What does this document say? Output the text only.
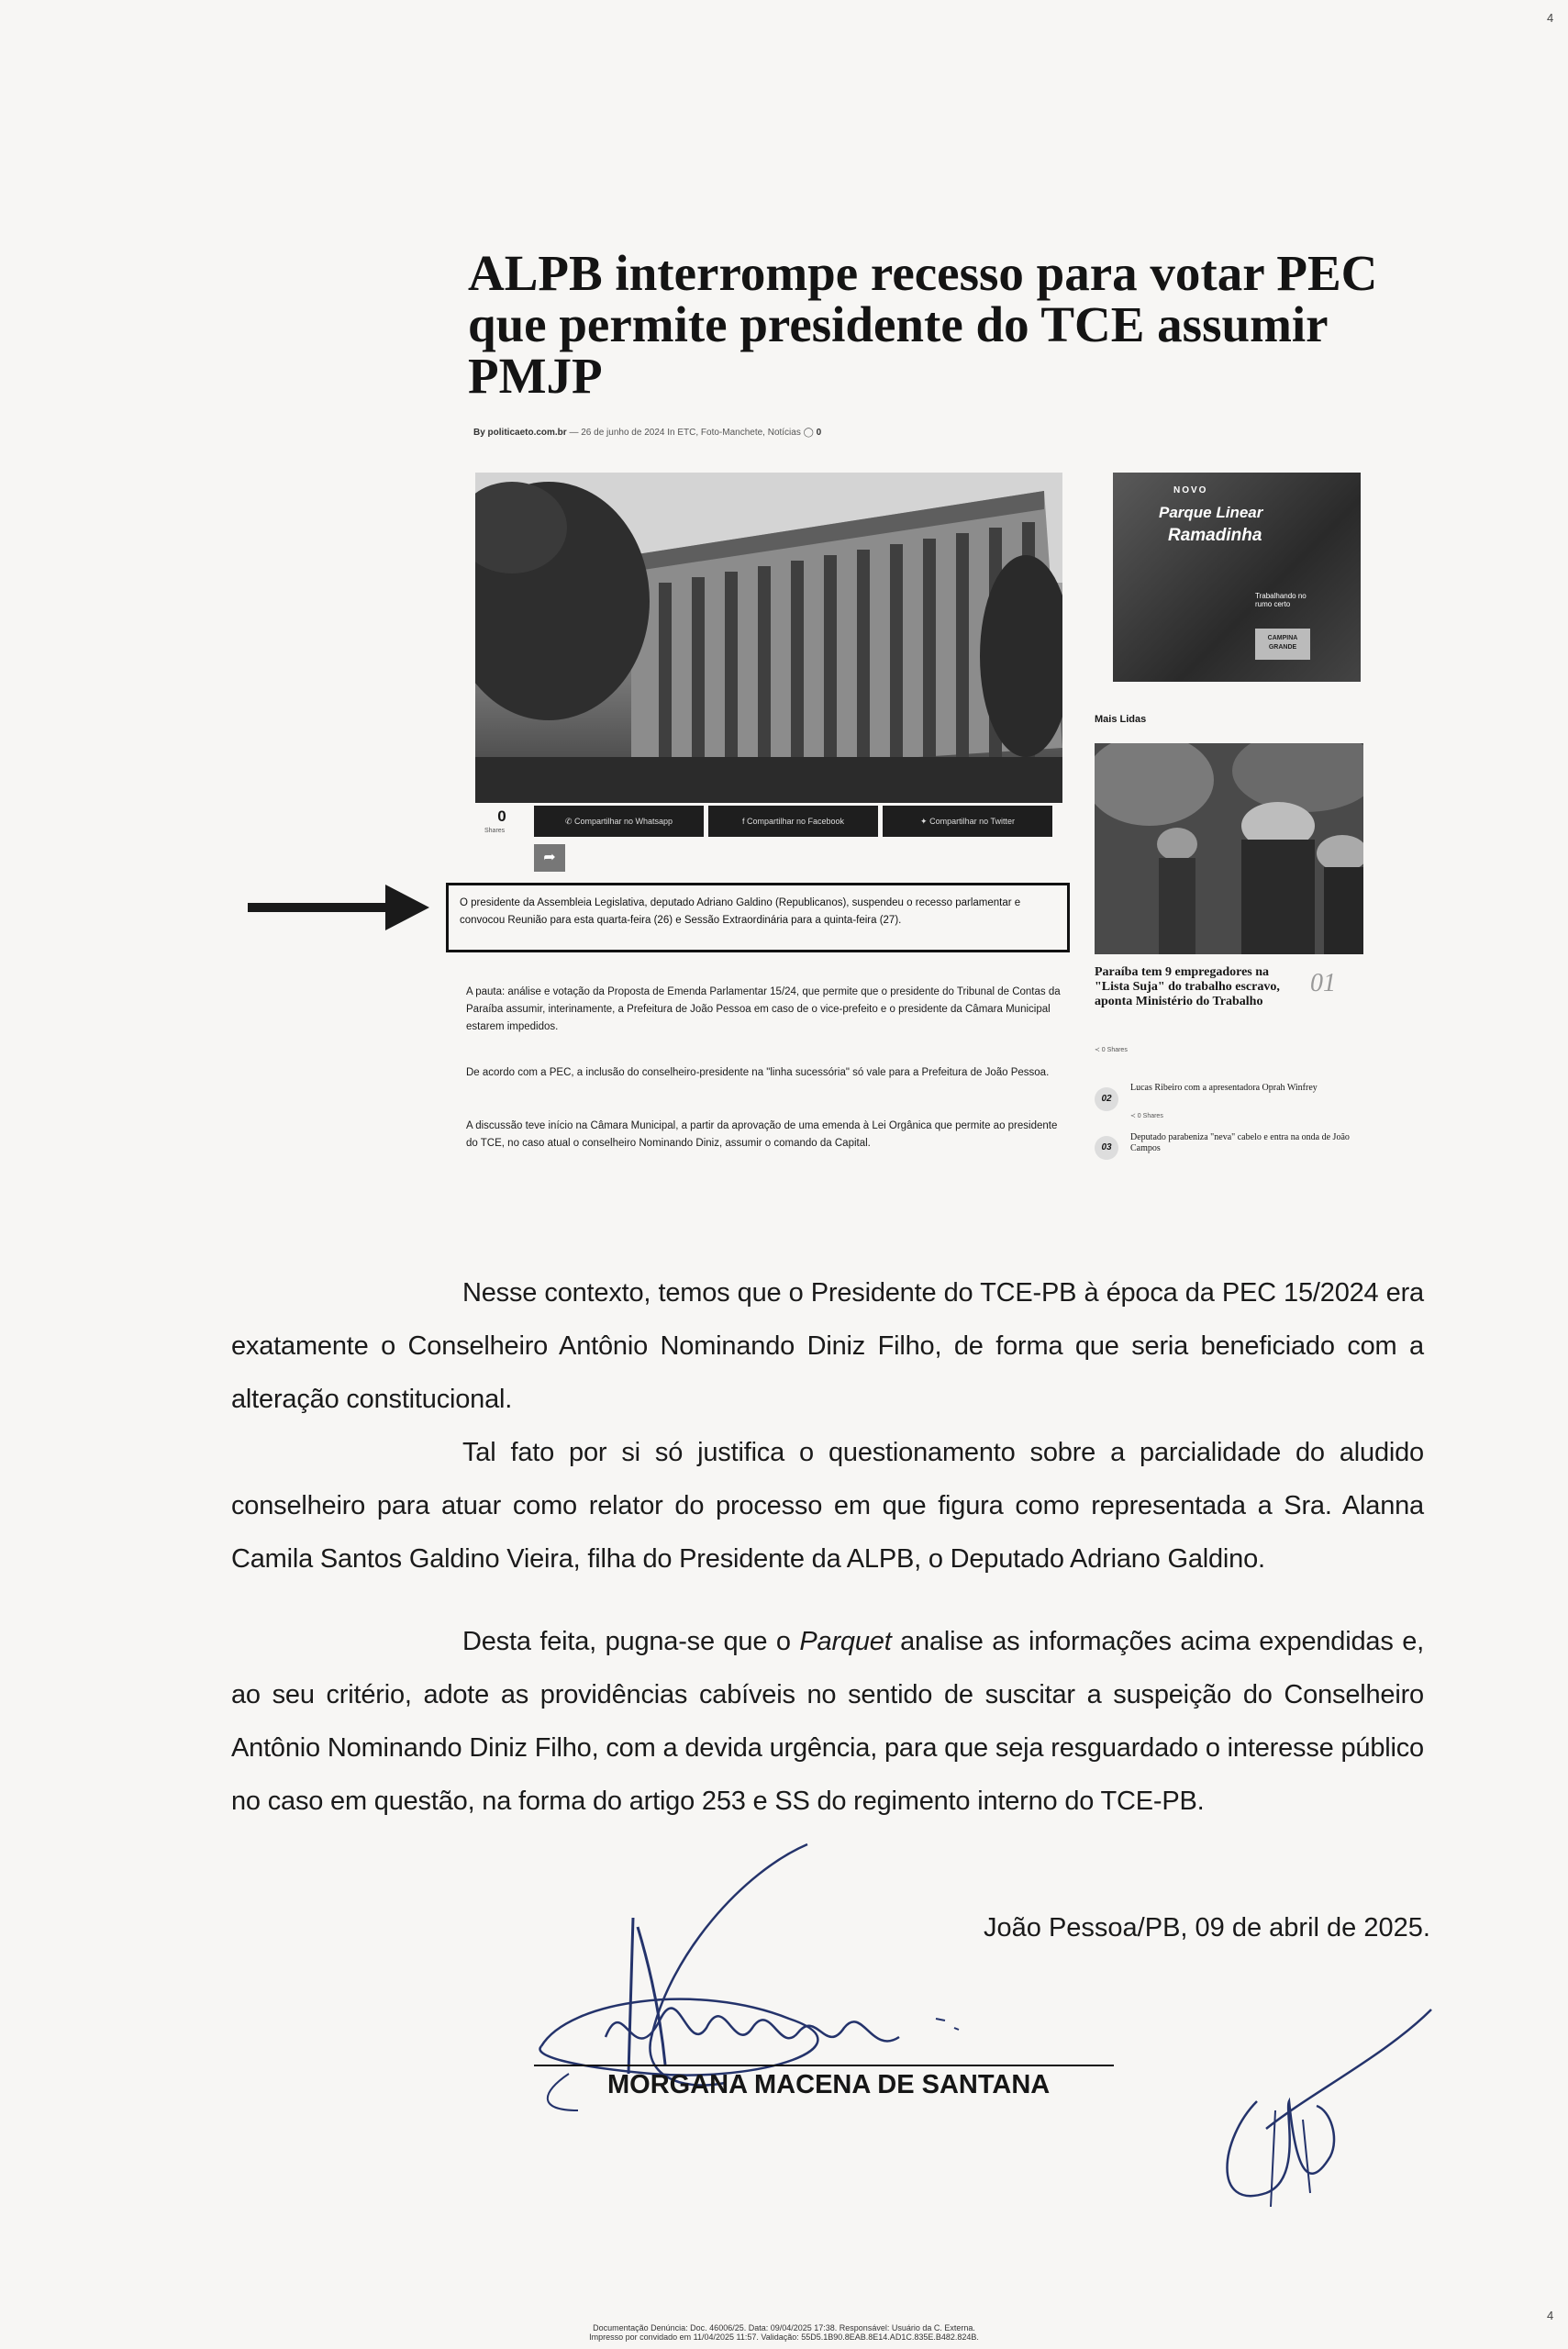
4
ALPB interrompe recesso para votar PEC que permite presidente do TCE assumir PMJP
By politicaeto.com.br — 26 de junho de 2024 In ETC, Foto-Manchete, Notícias ◯ 0
NOVO
Parque Linear
Ramadinha
Trabalhando no rumo certo
CAMPINA GRANDE
0
Shares
✆ Compartilhar no Whatsapp	f Compartilhar no Facebook	✦ Compartilhar no Twitter
➦
O presidente da Assembleia Legislativa, deputado Adriano Galdino (Republicanos), suspendeu o recesso parlamentar e convocou Reunião para esta quarta-feira (26) e Sessão Extraordinária para a quinta-feira (27).
A pauta: análise e votação da Proposta de Emenda Parlamentar 15/24, que permite que o presidente do Tribunal de Contas da Paraíba assumir, interinamente, a Prefeitura de João Pessoa em caso de o vice-prefeito e o presidente da Câmara Municipal estarem impedidos.
De acordo com a PEC, a inclusão do conselheiro-presidente na "linha sucessória" só vale para a Prefeitura de João Pessoa.
A discussão teve início na Câmara Municipal, a partir da aprovação de uma emenda à Lei Orgânica que permite ao presidente do TCE, no caso atual o conselheiro Nominando Diniz, assumir o comando da Capital.
Mais Lidas
Paraíba tem 9 empregadores na "Lista Suja" do trabalho escravo, aponta Ministério do Trabalho
01
≺ 0 Shares
02
Lucas Ribeiro com a apresentadora Oprah Winfrey
≺ 0 Shares
03
Deputado parabeniza "neva" cabelo e entra na onda de João Campos
Nesse contexto, temos que o Presidente do TCE-PB à época da PEC 15/2024 era exatamente o Conselheiro Antônio Nominando Diniz Filho, de forma que seria beneficiado com a alteração constitucional.
Tal fato por si só justifica o questionamento sobre a parcialidade do aludido conselheiro para atuar como relator do processo em que figura como representada a Sra. Alanna Camila Santos Galdino Vieira, filha do Presidente da ALPB, o Deputado Adriano Galdino.
Desta feita, pugna-se que o Parquet analise as informações acima expendidas e, ao seu critério, adote as providências cabíveis no sentido de suscitar a suspeição do Conselheiro Antônio Nominando Diniz Filho, com a devida urgência, para que seja resguardado o interesse público no caso em questão, na forma do artigo 253 e SS do regimento interno do TCE-PB.
João Pessoa/PB, 09 de abril de 2025.
MORGANA MACENA DE SANTANA
4
Documentação Denúncia: Doc. 46006/25. Data: 09/04/2025 17:38. Responsável: Usuário da C. Externa.
Impresso por convidado em 11/04/2025 11:57. Validação: 55D5.1B90.8EAB.8E14.AD1C.835E.B482.824B.
